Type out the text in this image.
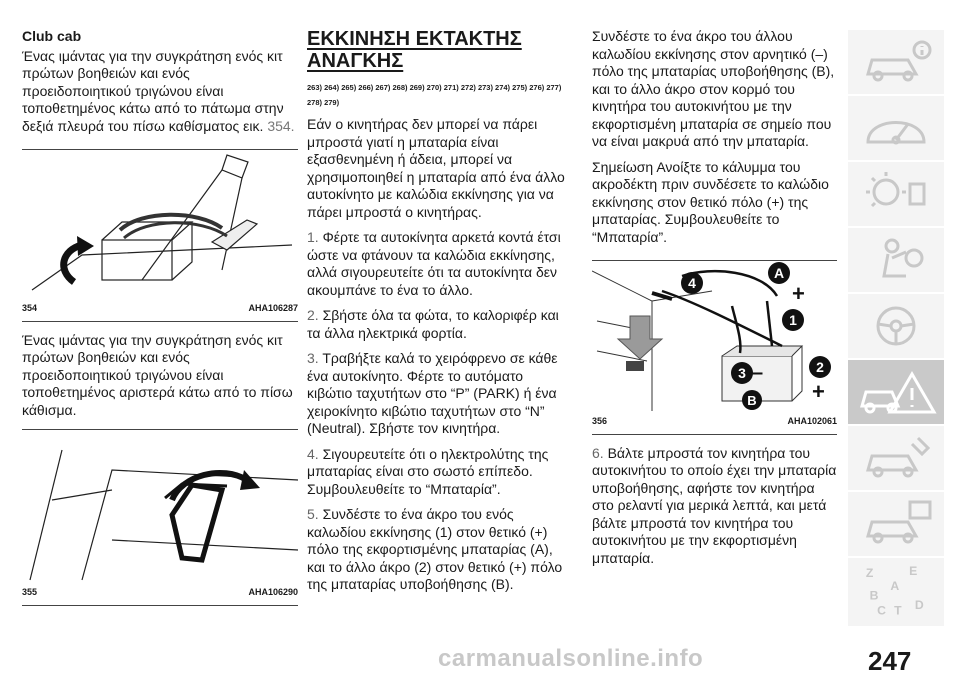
Club cab

Ένας ιμάντας για την συγκράτηση ενός κιτ πρώτων βοηθειών και ενός προειδοποιητικού τριγώνου είναι τοποθετημένος κάτω από το πάτωμα στην δεξιά πλευρά του πίσω καθίσματος εικ. 354.

354	AHA106287

Ένας ιμάντας για την συγκράτηση ενός κιτ πρώτων βοηθειών και ενός προειδοποιητικού τριγώνου είναι τοποθετημένος αριστερά κάτω από το πίσω κάθισμα.

355	AHA106290
ΕΚΚΙΝΗΣΗ ΕΚΤΑΚΤΗΣ ΑΝΑΓΚΗΣ
263) 264) 265) 266) 267) 268) 269) 270) 271) 272) 273) 274) 275) 276) 277) 278) 279)

Εάν ο κινητήρας δεν μπορεί να πάρει μπροστά γιατί η μπαταρία είναι εξασθενημένη ή άδεια, μπορεί να χρησιμοποιηθεί η μπαταρία από ένα άλλο αυτοκίνητο με καλώδια εκκίνησης για να πάρει μπροστά ο κινητήρας.

1. Φέρτε τα αυτοκίνητα αρκετά κοντά έτσι ώστε να φτάνουν τα καλώδια εκκίνησης, αλλά σιγουρευτείτε ότι τα αυτοκίνητα δεν ακουμπάνε το ένα το άλλο.

2. Σβήστε όλα τα φώτα, το καλοριφέρ και τα άλλα ηλεκτρικά φορτία.

3. Τραβήξτε καλά το χειρόφρενο σε κάθε ένα αυτοκίνητο. Φέρτε το αυτόματο κιβώτιο ταχυτήτων στο “P” (PARK) ή ένα χειροκίνητο κιβώτιο ταχυτήτων στο “N” (Neutral). Σβήστε τον κινητήρα.

4. Σιγουρευτείτε ότι ο ηλεκτρολύτης της μπαταρίας είναι στο σωστό επίπεδο. Συμβουλευθείτε το “Μπαταρία”.

5. Συνδέστε το ένα άκρο του ενός καλωδίου εκκίνησης (1) στον θετικό (+) πόλο της εκφορτισμένης μπαταρίας (A), και το άλλο άκρο (2) στον θετικό (+) πόλο της μπαταρίας υποβοήθησης (B).

Συνδέστε το ένα άκρο του άλλου καλωδίου εκκίνησης στον αρνητικό (–) πόλο της μπαταρίας υποβοήθησης (B), και το άλλο άκρο στον κορμό του κινητήρα του αυτοκινήτου με την εκφορτισμένη μπαταρία σε σημείο που να είναι μακρυά από την μπαταρία.

Σημείωση Ανοίξτε το κάλυμμα του ακροδέκτη πριν συνδέσετε το καλώδιο εκκίνησης στον θετικό πόλο (+) της μπαταρίας. Συμβουλευθείτε το “Μπαταρία”.

4
A
+
1
3 –	2
+
B
356	AHA102061

6. Βάλτε μπροστά τον κινητήρα του αυτοκινήτου το οποίο έχει την μπαταρία υποβοήθησης, αφήστε τον κινητήρα στο ρελαντί για μερικά λεπτά, και μετά βάλτε μπροστά τον κινητήρα του αυτοκινήτου με την εκφορτισμένη μπαταρία.

Z	E
B
A
C T D
carmanualsonline.info	247
